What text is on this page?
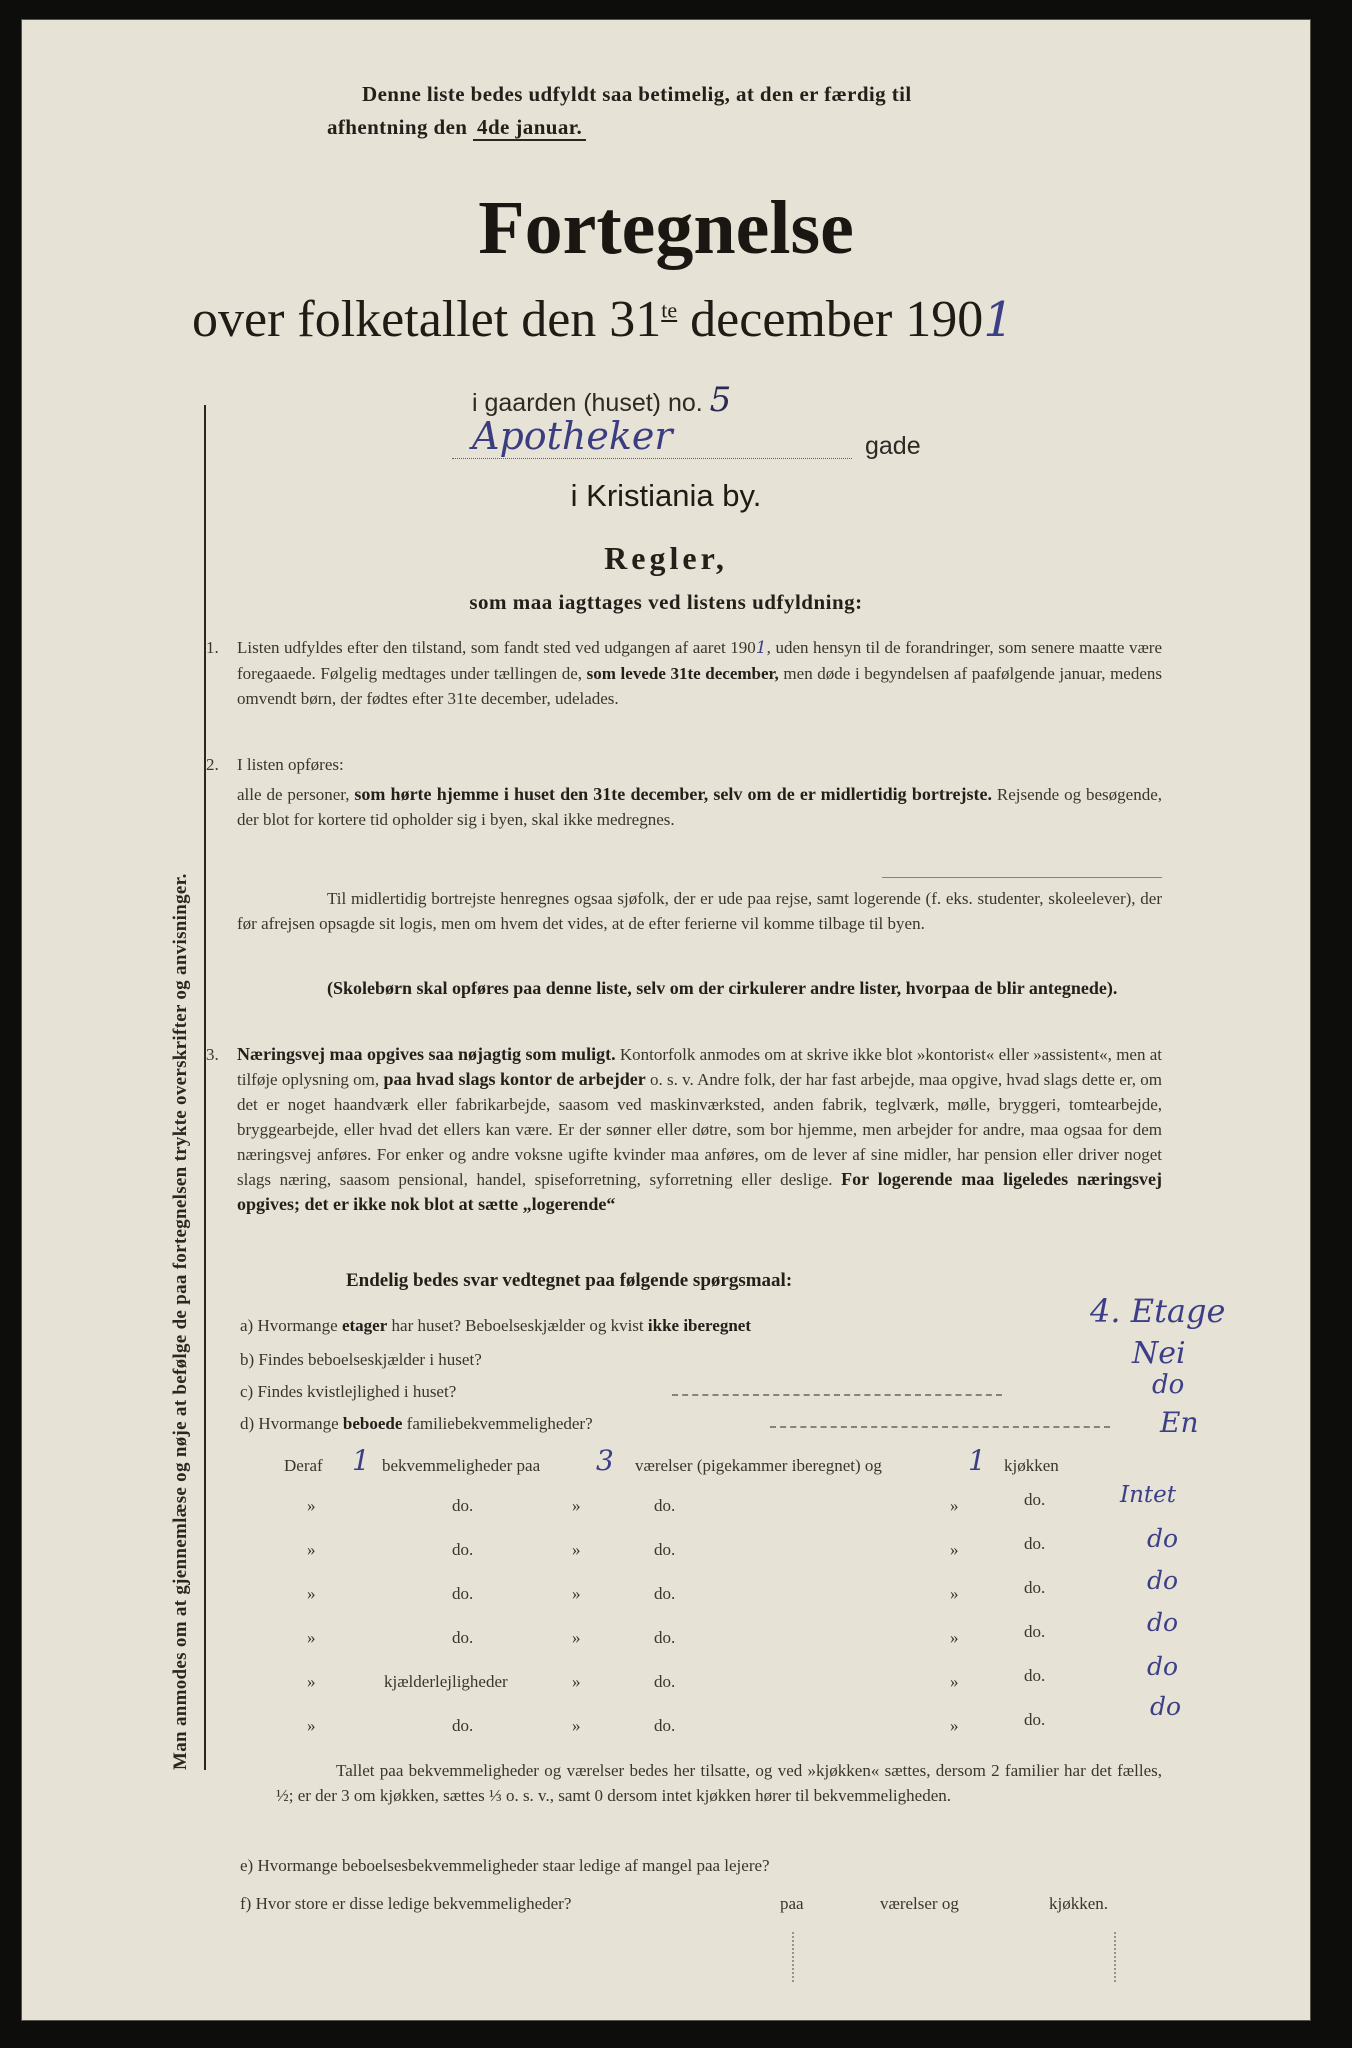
Man anmodes om at gjennemlæse og nøje at befølge de paa fortegnelsen trykte overskrifter og anvisninger.
Denne liste bedes udfyldt saa betimelig, at den er færdig til
afhentning den 4de januar.
Fortegnelse
over folketallet den $31^{te}$ december 1901
i gaarden (huset) no. 5
Apotheker	gade
i Kristiania by.
Regler,
som maa iagttages ved listens udfyldning:
1. Listen udfyldes efter den tilstand, som fandt sted ved udgangen af aaret 1901, uden hensyn til de forandringer, som senere maatte være foregaaede. Følgelig medtages under tællingen de, som levede 31te december, men døde i begyndelsen af paafølgende januar, medens omvendt børn, der fødtes efter 31te december, udelades.
2. I listen opføres:
alle de personer, som hørte hjemme i huset den 31te december, selv om de er midlertidig bortrejste. Rejsende og besøgende, der blot for kortere tid opholder sig i byen, skal ikke medregnes.
Til midlertidig bortrejste henregnes ogsaa sjøfolk, der er ude paa rejse, samt logerende (f. eks. studenter, skoleelever), der før afrejsen opsagde sit logis, men om hvem det vides, at de efter ferierne vil komme tilbage til byen.
(Skolebørn skal opføres paa denne liste, selv om der cirkulerer andre lister, hvorpaa de blir antegnede).
3. Næringsvej maa opgives saa nøjagtig som muligt. Kontorfolk anmodes om at skrive ikke blot »kontorist« eller »assistent«, men at tilføje oplysning om, paa hvad slags kontor de arbejder o. s. v. Andre folk, der har fast arbejde, maa opgive, hvad slags dette er, om det er noget haandværk eller fabrikarbejde, saasom ved maskinværksted, anden fabrik, teglværk, mølle, bryggeri, tomtearbejde, bryggearbejde, eller hvad det ellers kan være. Er der sønner eller døtre, som bor hjemme, men arbejder for andre, maa ogsaa for dem næringsvej anføres. For enker og andre voksne ugifte kvinder maa anføres, om de lever af sine midler, har pension eller driver noget slags næring, saasom pensional, handel, spiseforretning, syforretning eller deslige. For logerende maa ligeledes næringsvej opgives; det er ikke nok blot at sætte „logerende“
Endelig bedes svar vedtegnet paa følgende spørgsmaal:
a) Hvormange etager har huset? Beboelseskjælder og kvist ikke iberegnet	4. Etage
b) Findes beboelseskjælder i huset?	Nei
c) Findes kvistlejlighed i huset?	do
d) Hvormange beboede familiebekvemmeligheder?	En
Deraf 1 bekvemmeligheder paa 3 værelser (pigekammer iberegnet) og	1 kjøkken
»	do.	»	do.	»	do.	Intet
»	do.	»	do.	»	do.	do
»	do.	»	do.	»	do.	do
»	do.	»	do.	»	do.	do
»	kjælderlejligheder	»	do.	»	do.	do
»	do.	»	do.	»	do.	do
Tallet paa bekvemmeligheder og værelser bedes her tilsatte, og ved »kjøkken« sættes, dersom 2 familier har det fælles, ½; er der 3 om kjøkken, sættes ⅓ o. s. v., samt 0 dersom intet kjøkken hører til bekvemmeligheden.
e) Hvormange beboelsesbekvemmeligheder staar ledige af mangel paa lejere?
f) Hvor store er disse ledige bekvemmeligheder?	paa	værelser og	kjøkken.
